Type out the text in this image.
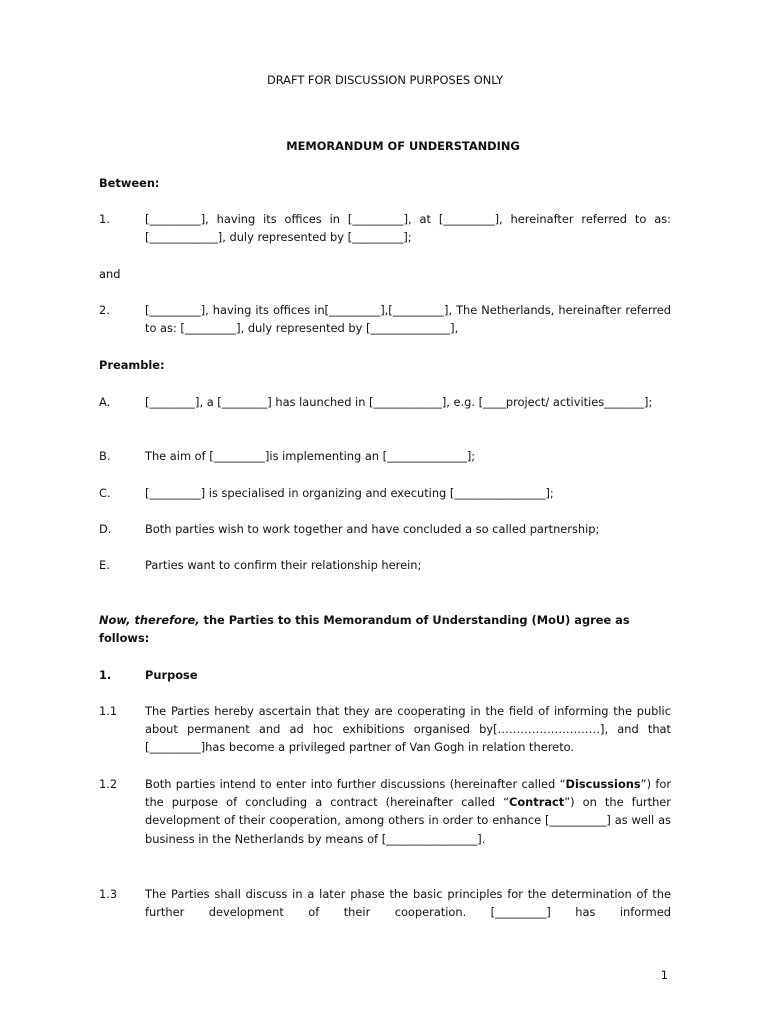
DRAFT FOR DISCUSSION PURPOSES ONLY

MEMORANDUM OF UNDERSTANDING

Between:

1.	[_________], having its offices in [_________], at [_________], hereinafter referred to as:[____________], duly represented by [_________];

and

2.	[_________], having its offices in[_________],[_________], The Netherlands, hereinafter referred to as: [_________], duly represented by [______________],

Preamble:

A.	[________], a [________] has launched in [____________], e.g. [____project/ activities_______];
B.	The aim of [_________]is implementing an [______________];
C.	[_________] is specialised in organizing and executing [________________];
D.	Both parties wish to work together and have concluded a so called partnership;
E.	Parties want to confirm their relationship herein;
Now, therefore, the Parties to this Memorandum of Understanding (MoU) agree as follows:
1.	Purpose
1.1 The Parties hereby ascertain that they are cooperating in the field of informing the public about permanent and ad hoc exhibitions organised by[………………………], and that [_________]has become a privileged partner of Van Gogh in relation thereto.
1.2 Both parties intend to enter into further discussions (hereinafter called “Discussions”) for the purpose of concluding a contract (hereinafter called “Contract”) on the further development of their cooperation, among others in order to enhance [__________] as well as business in the Netherlands by means of [________________].
1.3 The Parties shall discuss in a later phase the basic principles for the determination of the further development of their cooperation. [_________] has informed
1
